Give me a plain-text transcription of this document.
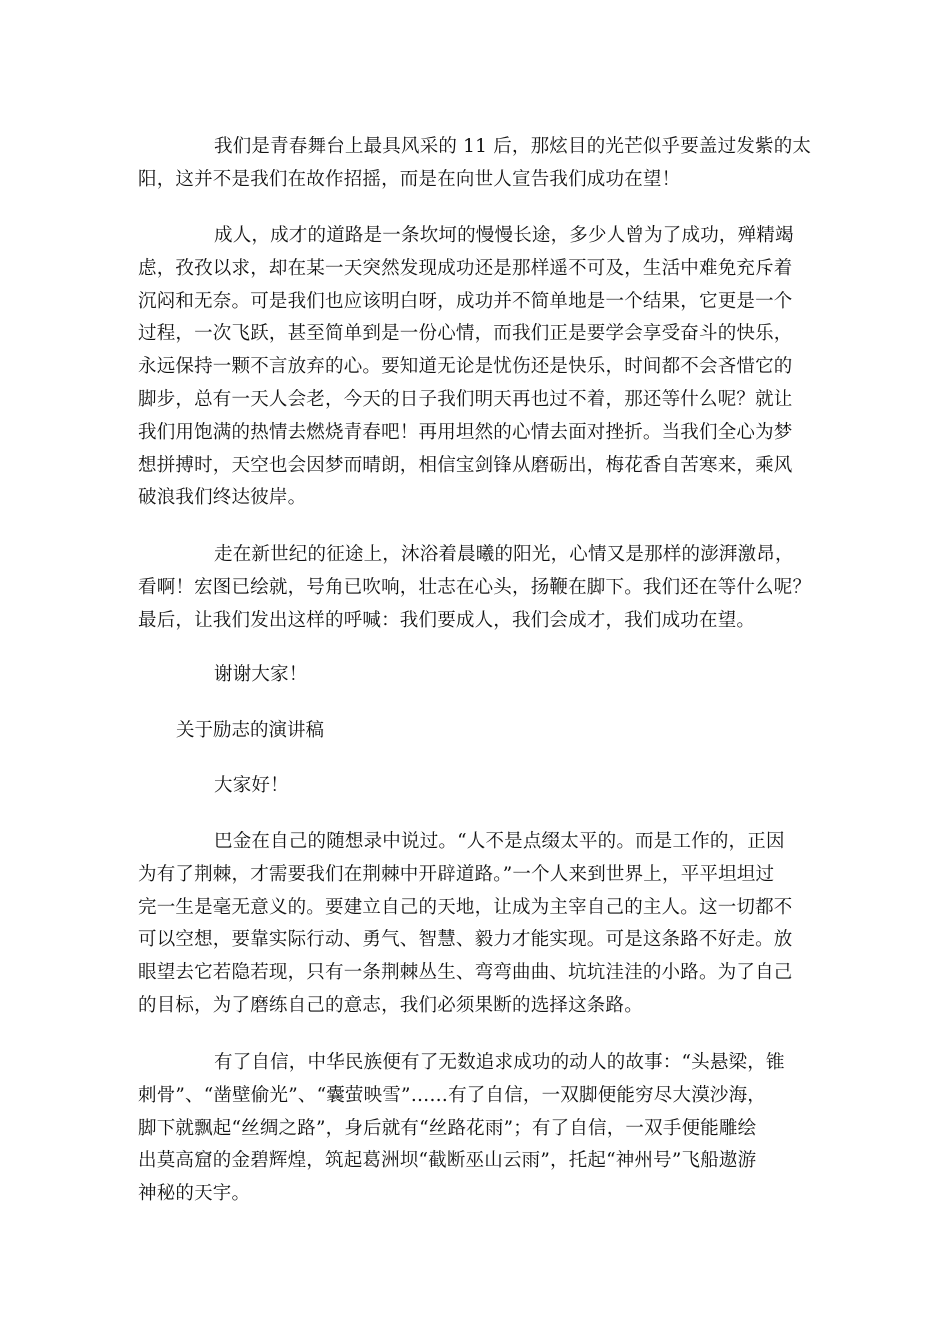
我们是青春舞台上最具风采的 11 后，那炫目的光芒似乎要盖过发紫的太
阳，这并不是我们在故作招摇，而是在向世人宣告我们成功在望！
成人，成才的道路是一条坎坷的慢慢长途，多少人曾为了成功，殚精竭
虑，孜孜以求，却在某一天突然发现成功还是那样遥不可及，生活中难免充斥着
沉闷和无奈。可是我们也应该明白呀，成功并不简单地是一个结果，它更是一个
过程，一次飞跃，甚至简单到是一份心情，而我们正是要学会享受奋斗的快乐，
永远保持一颗不言放弃的心。要知道无论是忧伤还是快乐，时间都不会吝惜它的
脚步，总有一天人会老，今天的日子我们明天再也过不着，那还等什么呢？就让
我们用饱满的热情去燃烧青春吧！再用坦然的心情去面对挫折。当我们全心为梦
想拼搏时，天空也会因梦而晴朗，相信宝剑锋从磨砺出，梅花香自苦寒来，乘风
破浪我们终达彼岸。
走在新世纪的征途上，沐浴着晨曦的阳光，心情又是那样的澎湃激昂，
看啊！宏图已绘就，号角已吹响，壮志在心头，扬鞭在脚下。我们还在等什么呢？
最后，让我们发出这样的呼喊：我们要成人，我们会成才，我们成功在望。
谢谢大家！
关于励志的演讲稿
大家好！
巴金在自己的随想录中说过。“人不是点缀太平的。而是工作的，正因
为有了荆棘，才需要我们在荆棘中开辟道路。”一个人来到世界上，平平坦坦过
完一生是毫无意义的。要建立自己的天地，让成为主宰自己的主人。这一切都不
可以空想，要靠实际行动、勇气、智慧、毅力才能实现。可是这条路不好走。放
眼望去它若隐若现，只有一条荆棘丛生、弯弯曲曲、坑坑洼洼的小路。为了自己
的目标，为了磨练自己的意志，我们必须果断的选择这条路。
有了自信，中华民族便有了无数追求成功的动人的故事：“头悬梁，锥
刺骨”、“凿壁偷光”、“囊萤映雪”……有了自信，一双脚便能穷尽大漠沙海，
脚下就飘起“丝绸之路”，身后就有“丝路花雨”；有了自信，一双手便能雕绘
出莫高窟的金碧辉煌，筑起葛洲坝“截断巫山云雨”，托起“神州号”飞船遨游
神秘的天宇。
